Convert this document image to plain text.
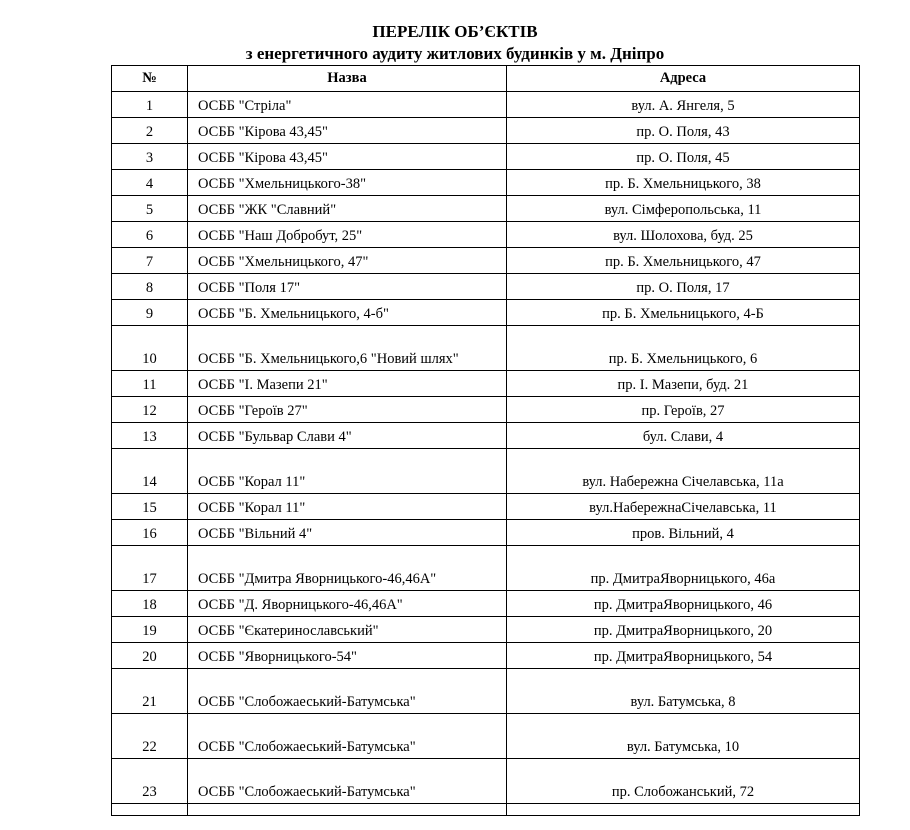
ПЕРЕЛІК ОБ’ЄКТІВ
з енергетичного аудиту житлових будинків у м. Дніпро
№	Назва	Адреса
1	ОСББ "Стріла"	вул. А. Янгеля, 5
2	ОСББ "Кірова 43,45"	пр. О. Поля, 43
3	ОСББ "Кірова 43,45"	пр. О. Поля, 45
4	ОСББ "Хмельницького-38"	пр. Б. Хмельницького, 38
5	ОСББ "ЖК "Славний"	вул. Сімферопольська, 11
6	ОСББ "Наш Добробут, 25"	вул. Шолохова, буд. 25
7	ОСББ "Хмельницького, 47"	пр. Б. Хмельницького, 47
8	ОСББ "Поля 17"	пр. О. Поля, 17
9	ОСББ "Б. Хмельницького, 4-б"	пр. Б. Хмельницького, 4-Б
10	ОСББ "Б. Хмельницького,6 "Новий шлях"	пр. Б. Хмельницького, 6
11	ОСББ "І. Мазепи 21"	пр. І. Мазепи, буд. 21
12	ОСББ "Героїв 27"	пр. Героїв, 27
13	ОСББ "Бульвар Слави 4"	бул. Слави, 4
14	ОСББ "Корал 11"	вул. Набережна Січелавська, 11а
15	ОСББ "Корал 11"	вул.НабережнаСічелавська, 11
16	ОСББ "Вільний 4"	пров. Вільний, 4
17	ОСББ "Дмитра Яворницького-46,46А"	пр. ДмитраЯворницького, 46а
18	ОСББ "Д. Яворницького-46,46А"	пр. ДмитраЯворницького, 46
19	ОСББ "Єкатеринославський"	пр. ДмитраЯворницького, 20
20	ОСББ "Яворницького-54"	пр. ДмитраЯворницького, 54
21	ОСББ "Слобожаеський-Батумська"	вул. Батумська, 8
22	ОСББ "Слобожаеський-Батумська"	вул. Батумська, 10
23	ОСББ "Слобожаеський-Батумська"	пр. Слобожанський, 72
